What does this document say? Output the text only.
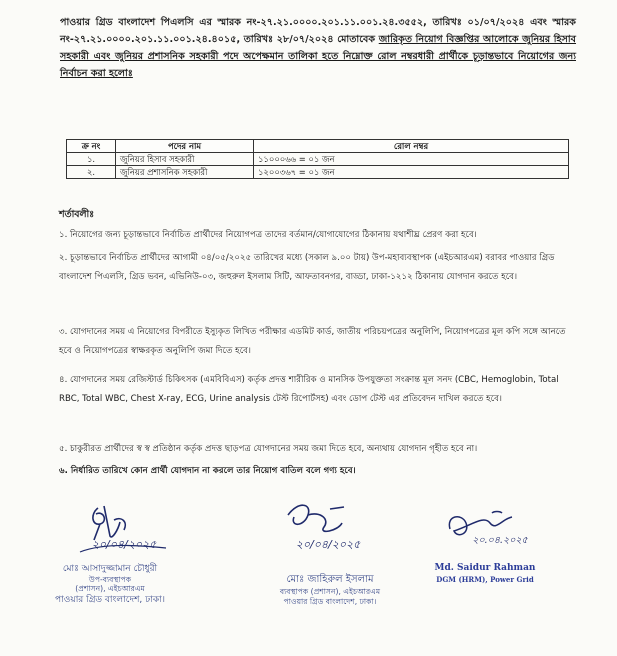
পাওয়ার গ্রিড বাংলাদেশ পিএলসি এর স্মারক নং-২৭.২১.০০০০.২০১.১১.০০১.২৪.৩৫৫২, তারিখঃ ০১/০৭/২০২৪ এবং স্মারক নং-২৭.২১.০০০০.২০১.১১.০০১.২৪.৪০১৫, তারিখঃ ২৮/০৭/২০২৪ মোতাবেক জারিকৃত নিয়োগ বিজ্ঞপ্তির আলোকে জুনিয়র হিসাব সহকারী এবং জুনিয়র প্রশাসনিক সহকারী পদে অপেক্ষমান তালিকা হতে নিম্নোক্ত রোল নম্বরধারী প্রার্থীকে চূড়ান্তভাবে নিয়োগের জন্য নির্বাচন করা হলোঃ
ক্র নং	পদের নাম	রোল নম্বর
১.	জুনিয়র হিসাব সহকারী	১১০০০৬৬ = ০১ জন
২.	জুনিয়র প্রশাসনিক সহকারী	১২০০৩৬৭ = ০১ জন
শর্তাবলীঃ
১. নিয়োগের জন্য চূড়ান্তভাবে নির্বাচিত প্রার্থীদের নিয়োগপত্র তাদের বর্তমান/যোগাযোগের ঠিকানায় যথাশীঘ্র প্রেরণ করা হবে।
২. চূড়ান্তভাবে নির্বাচিত প্রার্থীদের আগামী ০৪/০৫/২০২৫ তারিখের মধ্যে (সকাল ৯.০০ টায়) উপ-মহাব্যবস্থাপক (এইচআরএম) বরাবর পাওয়ার গ্রিড বাংলাদেশ পিএলসি, গ্রিড ভবন, এভিনিউ-০৩, জহুরুল ইসলাম সিটি, আফতাবনগর, বাড্ডা, ঢাকা-১২১২ ঠিকানায় যোগদান করতে হবে।
৩. যোগদানের সময় এ নিয়োগের বিপরীতে ইস্যুকৃত লিখিত পরীক্ষার এডমিট কার্ড, জাতীয় পরিচয়পত্রের অনুলিপি, নিয়োগপত্রের মূল কপি সঙ্গে আনতে হবে ও নিয়োগপত্রের স্বাক্ষরকৃত অনুলিপি জমা দিতে হবে।
৪. যোগদানের সময় রেজিস্টার্ড চিকিৎসক (এমবিবিএস) কর্তৃক প্রদত্ত শারীরিক ও মানসিক উপযুক্ততা সংক্রান্ত মূল সনদ (CBC, Hemoglobin, Total RBC, Total WBC, Chest X-ray, ECG, Urine analysis টেস্ট রিপোর্টসহ) এবং ডোপ টেস্ট এর প্রতিবেদন দাখিল করতে হবে।
৫. চাকুরীরত প্রার্থীদের স্ব স্ব প্রতিষ্ঠান কর্তৃক প্রদত্ত ছাড়পত্র যোগদানের সময় জমা দিতে হবে, অন্যথায় যোগদান গৃহীত হবে না।
৬. নির্ধারিত তারিখে কোন প্রার্থী যোগদান না করলে তার নিয়োগ বাতিল বলে গণ্য হবে।
২০/০৪/২০২৫
মোঃ আসাদুজ্জামান চৌধুরী
উপ-ব্যবস্থাপক
(প্রশাসন), এইচআরএম
পাওয়ার গ্রিড বাংলাদেশ, ঢাকা।
২০/০৪/২০২৫
মোঃ জাহিরুল ইসলাম
ব্যবস্থাপক (প্রশাসন), এইচআরএম
পাওয়ার গ্রিড বাংলাদেশ, ঢাকা।
২০.০৪.২০২৫
Md. Saidur Rahman
DGM (HRM), Power Grid
